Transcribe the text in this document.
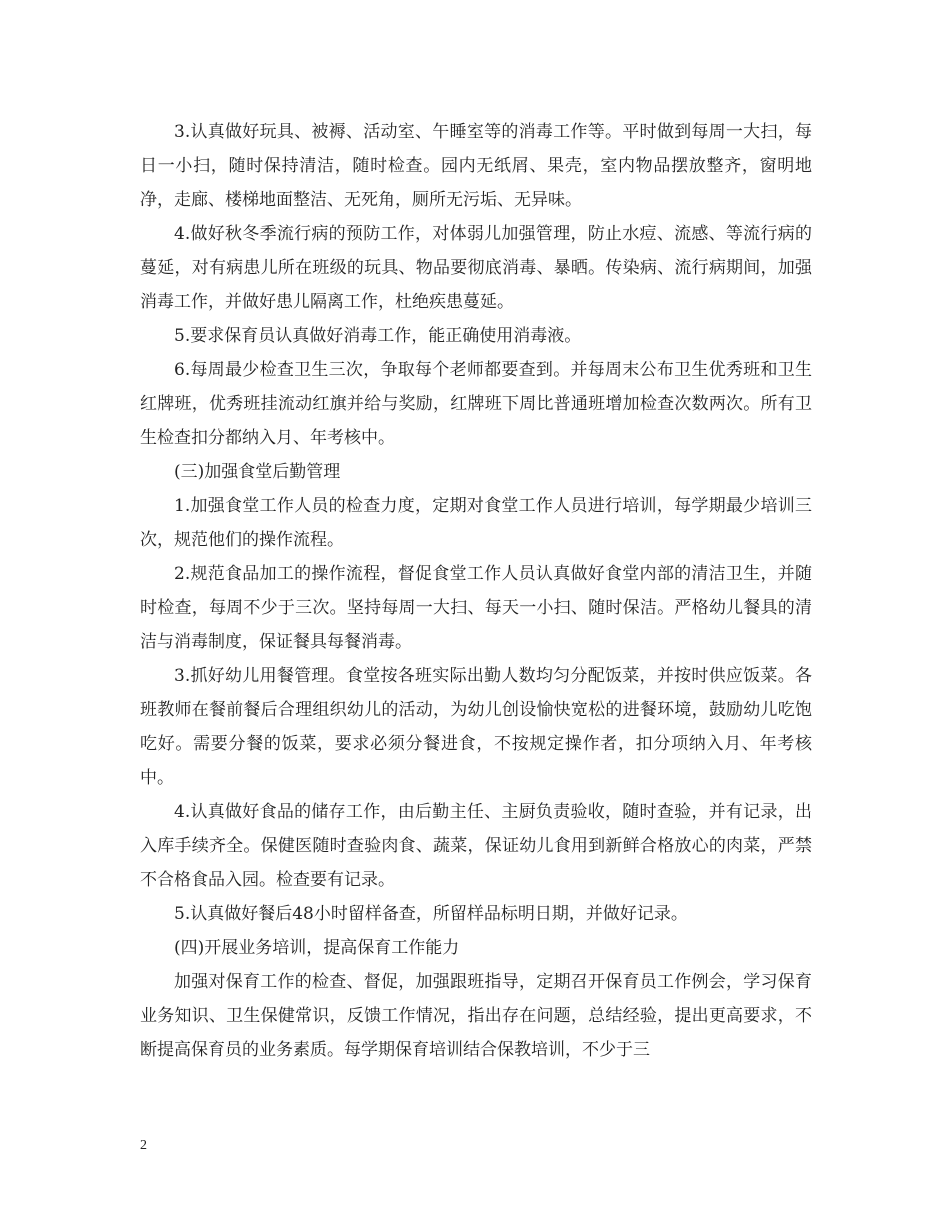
3.认真做好玩具、被褥、活动室、午睡室等的消毒工作等。平时做到每周一大扫，每日一小扫，随时保持清洁，随时检查。园内无纸屑、果壳，室内物品摆放整齐，窗明地净，走廊、楼梯地面整洁、无死角，厕所无污垢、无异味。

4.做好秋冬季流行病的预防工作，对体弱儿加强管理，防止水痘、流感、等流行病的蔓延，对有病患儿所在班级的玩具、物品要彻底消毒、暴晒。传染病、流行病期间，加强消毒工作，并做好患儿隔离工作，杜绝疾患蔓延。

5.要求保育员认真做好消毒工作，能正确使用消毒液。

6.每周最少检查卫生三次，争取每个老师都要查到。并每周末公布卫生优秀班和卫生红牌班，优秀班挂流动红旗并给与奖励，红牌班下周比普通班增加检查次数两次。所有卫生检查扣分都纳入月、年考核中。

(三)加强食堂后勤管理

1.加强食堂工作人员的检查力度，定期对食堂工作人员进行培训，每学期最少培训三次，规范他们的操作流程。

2.规范食品加工的操作流程，督促食堂工作人员认真做好食堂内部的清洁卫生，并随时检查，每周不少于三次。坚持每周一大扫、每天一小扫、随时保洁。严格幼儿餐具的清洁与消毒制度，保证餐具每餐消毒。

3.抓好幼儿用餐管理。食堂按各班实际出勤人数均匀分配饭菜，并按时供应饭菜。各班教师在餐前餐后合理组织幼儿的活动，为幼儿创设愉快宽松的进餐环境，鼓励幼儿吃饱吃好。需要分餐的饭菜，要求必须分餐进食，不按规定操作者，扣分项纳入月、年考核中。

4.认真做好食品的储存工作，由后勤主任、主厨负责验收，随时查验，并有记录，出入库手续齐全。保健医随时查验肉食、蔬菜，保证幼儿食用到新鲜合格放心的肉菜，严禁不合格食品入园。检查要有记录。

5.认真做好餐后48小时留样备查，所留样品标明日期，并做好记录。

(四)开展业务培训，提高保育工作能力

加强对保育工作的检查、督促，加强跟班指导，定期召开保育员工作例会，学习保育业务知识、卫生保健常识，反馈工作情况，指出存在问题，总结经验，提出更高要求，不断提高保育员的业务素质。每学期保育培训结合保教培训，不少于三

2
